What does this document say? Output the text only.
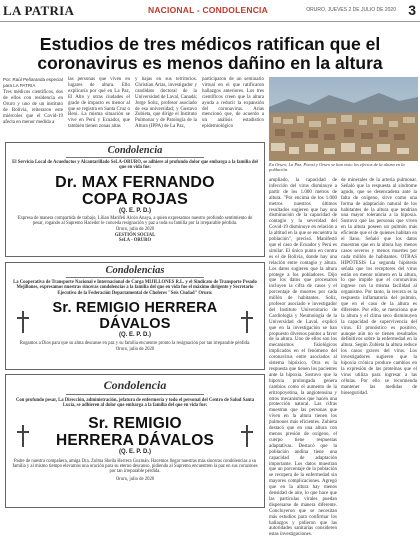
LA PATRIA	NACIONAL - CONDOLENCIA	ORURO, JUEVES 2 DE JULIO DE 2020 3
Estudios de tres médicos ratifican que el
coronavirus es menos dañino en la altura
Por: Raúl Peñaranda especial
para LA PATRIA

Tres médicos científicos, dos de ellos con residencia en Oruro y uno de un instituto de Bolivia, reiteraron este miércoles que el Covid-19 afecta en menor medida a

las personas que viven en lugares de altura. Ello explicaría por qué en La Paz, El Alto y otras ciudades el grado de impacto es menor al que se registra en Santa Cruz o Beni. La misma situación se vive en Perú y Ecuador, que también tienen zonas altas

y bajas en sus territorios. Christian Arias, investigador y candidato doctoral de la Universidad de Laval, Canadá; Jorge Soliz, profesor asociado de esa universidad; y Gustavo Zubieta, que dirige el Instituto Pulmonar y de Patología de la Altura (IPPA) de La Paz,

participaron de un seminario virtual en el que ratificaron hallazgos anteriores. Los tres científicos creen que la altura ayuda a reducir la expansión del coronavirus. Arias mencionó que, de acuerdo a un análisis estadístico epidemiológico

En Oruro, La Paz, Potosí y Oruro se han visto los efectos de la altura en la población.

ampliado, la capacidad de infección del virus disminuye a partir de los 1.000 metros de altura. "Por encima de los 1.000 metros nuestros últimos resultados sugieren que hay una disminución de la capacidad de contagio y la severidad del Covid-19 disminuye en relación a la altitud en la que se encuentra la población", precisó. Manifestó que el caso de Ecuador y Perú es similar. El único punto en contra es el de Bolivia, donde hay una relación entre contagio y altura. Los datos sugieren que la altura protege a los pobladores. Dijo que los datos que procesaron incluyen la cifra de casos y el porcentaje de muertes por cada millón de habitantes. Soliz, profesor asociado e investigador del Instituto Universitario de Cardiología y Neumología de la Universidad de Laval, explicó que en la investigación se han propuesto diversos puntos a favor de la altura. Uno de ellos son los mecanismos fisiológicos implicados en el fenómeno del coronavirus entre asociados al sistema hipóxico. Otra es la respuesta que tienen los pacientes ante la hipoxia. Sostuvo que la hipoxia prolongada genera cambios como el aumento de la eritropoyetina, la angiotensina y otros mecanismos que hacen una protección natural. Las cifras muestran que las personas que viven en la altura tienen los pulmones más eficientes. Zubieta destacó que en una altura con menos presión de oxígeno, el cuerpo tiene respuestas adaptativas. Destacó que la población andina tiene una capacidad de adaptación importante. Los datos muestran que un porcentaje de la población se recupera de la enfermedad sin mayores complicaciones. Agregó que en la altura hay menos densidad de aire, lo que hace que las partículas virales puedan dispersarse de manera diferente. Concluyeron que se necesitan más estudios para confirmar los hallazgos y pidieron que las autoridades sanitarias consideren estas investigaciones.

de minerales de la arteria pulmonar. Señaló que la respuesta al síndrome agudo, que se desencadena ante la falta de oxígeno, sirve como una forma de adaptación natural de los habitantes de la altura que tendrían una mayor tolerancia a la hipoxia. Sostuvo que las personas que viven en la altura poseen un pulmón más eficiente que el de quienes habitan en el llano. Señaló que los datos muestran que en la altura hay menos casos severos y menos muertes por cada millón de habitantes. OTRAS HIPÓTESIS La segunda hipótesis señala que los receptores del virus están en menor número en la altura, lo que impide que el coronavirus ingrese con la misma facilidad al organismo. Por tanto, la tercera es la respuesta inflamatoria del pulmón, que en el caso de la altura es diferente. Por ello, se menciona que la altura y el clima seco disminuyen la capacidad de supervivencia del virus. El pronóstico es positivo, aunque aún no se tienen resultados definitivos sobre la enfermedad en la altura. Según Zubieta la altura reduce los casos graves del virus. Los investigadores sugieren que la hipoxia crónica produce cambios en la expresión de las proteínas que el virus utiliza para ingresar a las células. Por ello se recomienda mantener las medidas de bioseguridad.

Condolencia
El Servicio Local de Acueductos y Alcantarillado SeLA-ORURO, se adhiere al profundo dolor que embarga a la familia del que en vida fue:
Dr. MAX FERNANDO
COPA ROJAS
(Q. E. P. D.)
Expresa de manera compartida de trabajo, Lilian Marifeli Alcón Anaya, a quien expresamos nuestro profundo sentimiento de pesar, rogando al Supremo Hacedor le conceda resignación y paz a toda su familia por la irreparable pérdida.
Oruro, julio de 2020
GESTIÓN SOCIAL
SeLA - ORURO
Condolencias
La Cooperativa de Transporte Nacional e Internacional de Carga MIJILLONES R.L. y el Sindicato de Transporte Pesado Mejillones, expresamos nuestras sinceras condolencias a la familia del que en vida fue el máximo dirigente y Secretario Ejecutivo de la Federación Departamental de Choferes "Seis Ciudad" Oruro:
Sr. REMIGIO HERRERA
DÁVALOS
(Q. E. P. D.)
Rogamos a Dios para que su alma descanse en paz y su familia encuentre pronto la resignación por tan irreparable pérdida.
Oruro, julio de 2020
Condolencia
Con profundo pesar, La Dirección, administración, jefatura de enfermería y todo el personal del Centro de Salud Santa Lucía, se adhieren al dolor que embarga a la familia del que en vida fue:
Sr. REMIGIO
HERRERA DÁVALOS
(Q. E. P. D.)
Padre de nuestra compañera, amiga Dra. Zulma Sheila Herrera Guzmán. Hacemos llegar nuestras más sinceras condolencias a su familia y al mismo tiempo elevamos una oración para su eterno descanso, pidiendo al Supremo encuentren la paz en sus corazones por tan irreparable pérdida.
Oruro, julio de 2020
